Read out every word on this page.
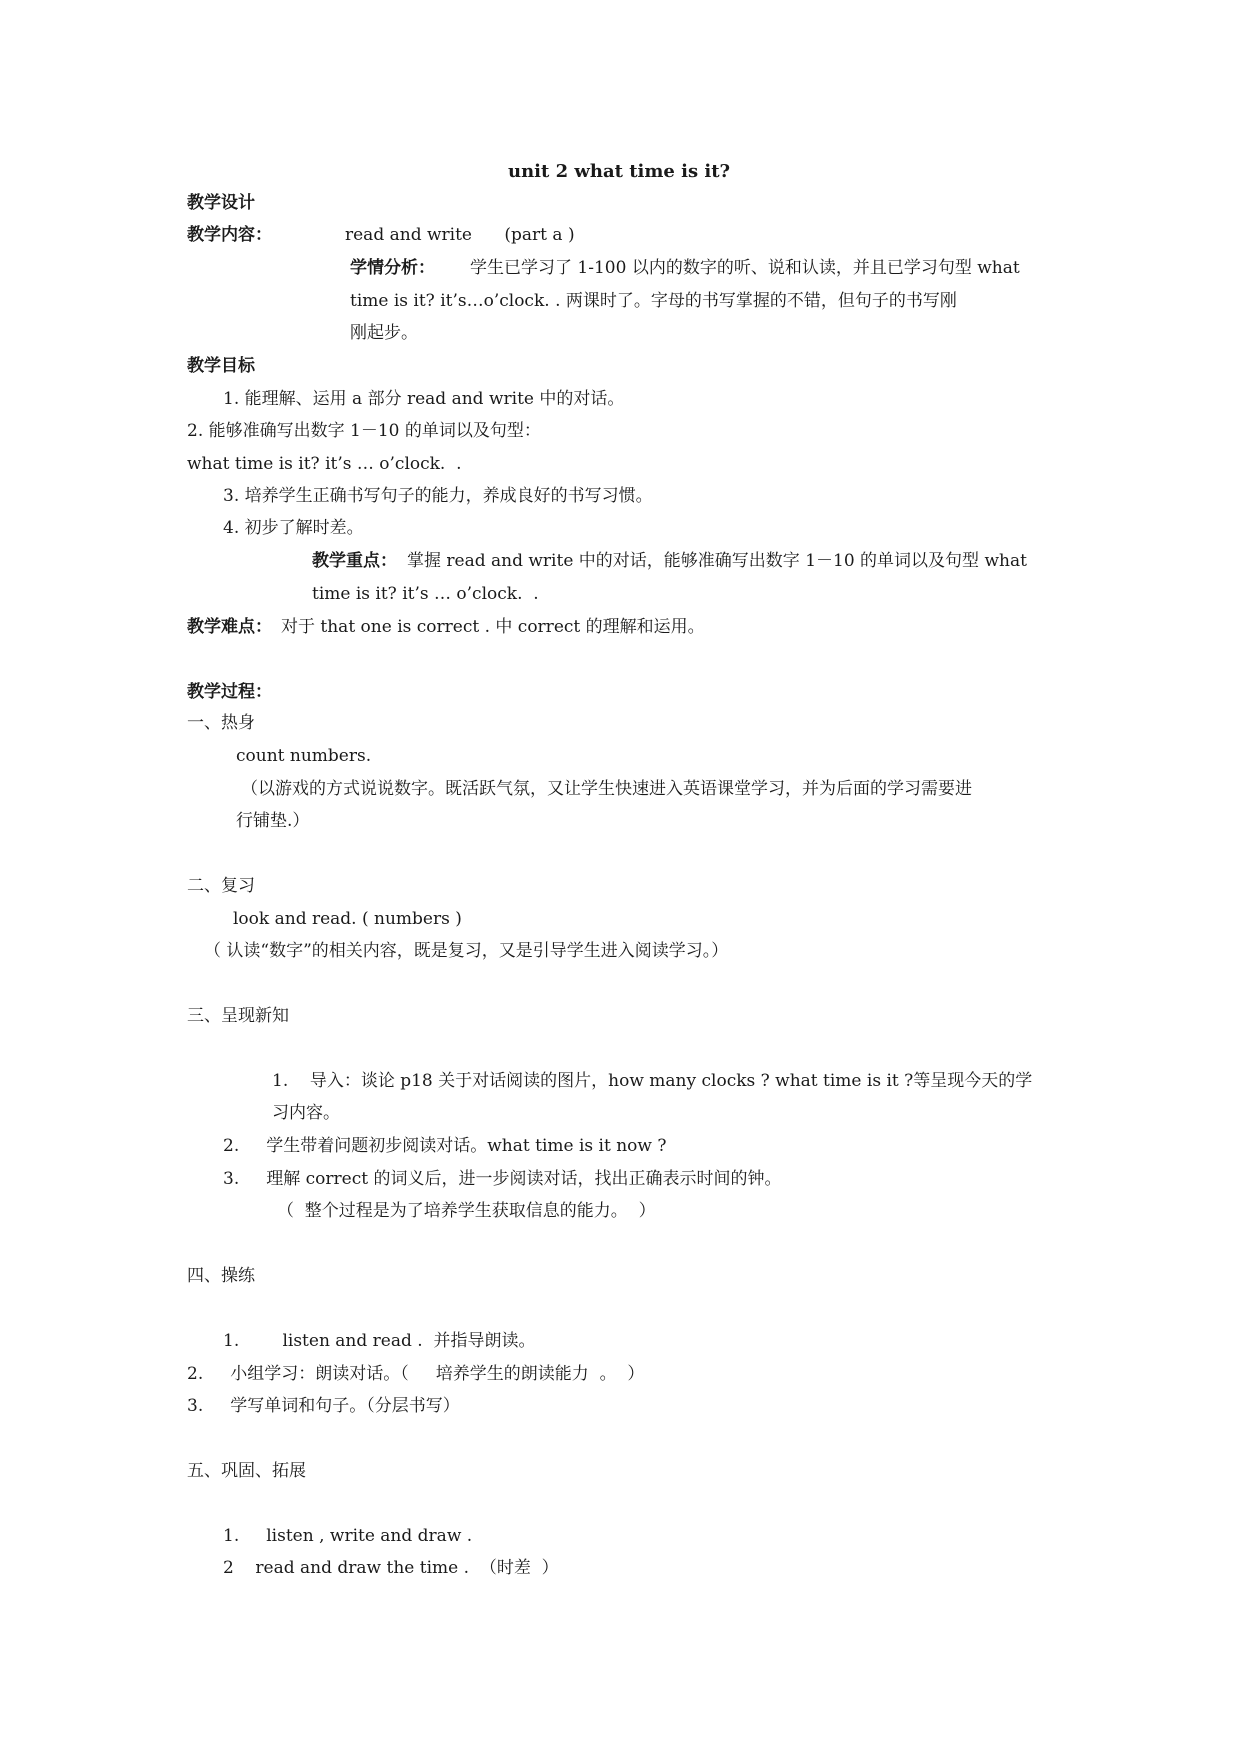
unit 2 what time is it?
教学设计
教学内容：	read and write      (part a )
学情分析： 学生已学习了 1-100 以内的数字的听、说和认读，并且已学习句型 what
time is it? it’s…o’clock. . 两课时了。字母的书写掌握的不错，但句子的书写刚
刚起步。
教学目标
1. 能理解、运用 a 部分 read and write 中的对话。
2. 能够准确写出数字 1－10 的单词以及句型：
what time is it? it’s … o’clock.  .
3. 培养学生正确书写句子的能力，养成良好的书写习惯。
4. 初步了解时差。
教学重点： 掌握 read and write 中的对话，能够准确写出数字 1－10 的单词以及句型 what
time is it? it’s … o’clock.  .
教学难点： 对于 that one is correct . 中 correct 的理解和运用。
教学过程：
一、热身
count numbers.
（以游戏的方式说说数字。既活跃气氛，又让学生快速进入英语课堂学习，并为后面的学习需要进
行铺垫.）
二、复习
look and read. ( numbers )
（ 认读“数字”的相关内容，既是复习，又是引导学生进入阅读学习。）
三、呈现新知
1.    导入：谈论 p18 关于对话阅读的图片，how many clocks ? what time is it ?等呈现今天的学
习内容。
2.     学生带着问题初步阅读对话。what time is it now ?
3.     理解 correct 的词义后，进一步阅读对话，找出正确表示时间的钟。
（  整个过程是为了培养学生获取信息的能力。  ）
四、操练
1.        listen and read .  并指导朗读。
2.     小组学习：朗读对话。（     培养学生的朗读能力  。  ）
3.     学写单词和句子。（分层书写）
五、巩固、拓展
1.     listen , write and draw .
2    read and draw the time .  （时差  ）
